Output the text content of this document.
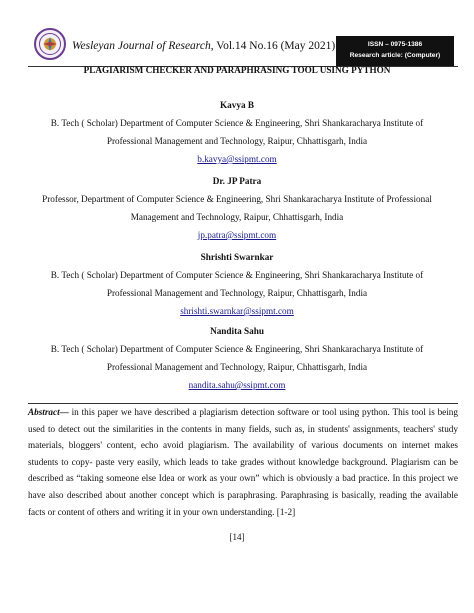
Wesleyan Journal of Research, Vol.14 No.16 (May 2021)	ISSN – 0975-1386
Research article: (Computer)
PLAGIARISM CHECKER AND PARAPHRASING TOOL USING PYTHON
Kavya B
B. Tech ( Scholar) Department of Computer Science & Engineering, Shri Shankaracharya Institute of
Professional Management and Technology, Raipur, Chhattisgarh, India
b.kavya@ssipmt.com
Dr. JP Patra
Professor, Department of Computer Science & Engineering, Shri Shankaracharya Institute of Professional
Management and Technology, Raipur, Chhattisgarh, India
jp.patra@ssipmt.com
Shrishti Swarnkar
B. Tech ( Scholar) Department of Computer Science & Engineering, Shri Shankaracharya Institute of
Professional Management and Technology, Raipur, Chhattisgarh, India
shrishti.swarnkar@ssipmt.com
Nandita Sahu
B. Tech ( Scholar) Department of Computer Science & Engineering, Shri Shankaracharya Institute of
Professional Management and Technology, Raipur, Chhattisgarh, India
nandita.sahu@ssipmt.com
Abstract— in this paper we have described a plagiarism detection software or tool using python. This tool is being used to detect out the similarities in the contents in many fields, such as, in students' assignments, teachers' study materials, bloggers' content, echo avoid plagiarism. The availability of various documents on internet makes students to copy- paste very easily, which leads to take grades without knowledge background. Plagiarism can be described as “taking someone else Idea or work as your own” which is obviously a bad practice. In this project we have also described about another concept which is paraphrasing. Paraphrasing is basically, reading the available facts or content of others and writing it in your own understanding. [1-2]
[14]
